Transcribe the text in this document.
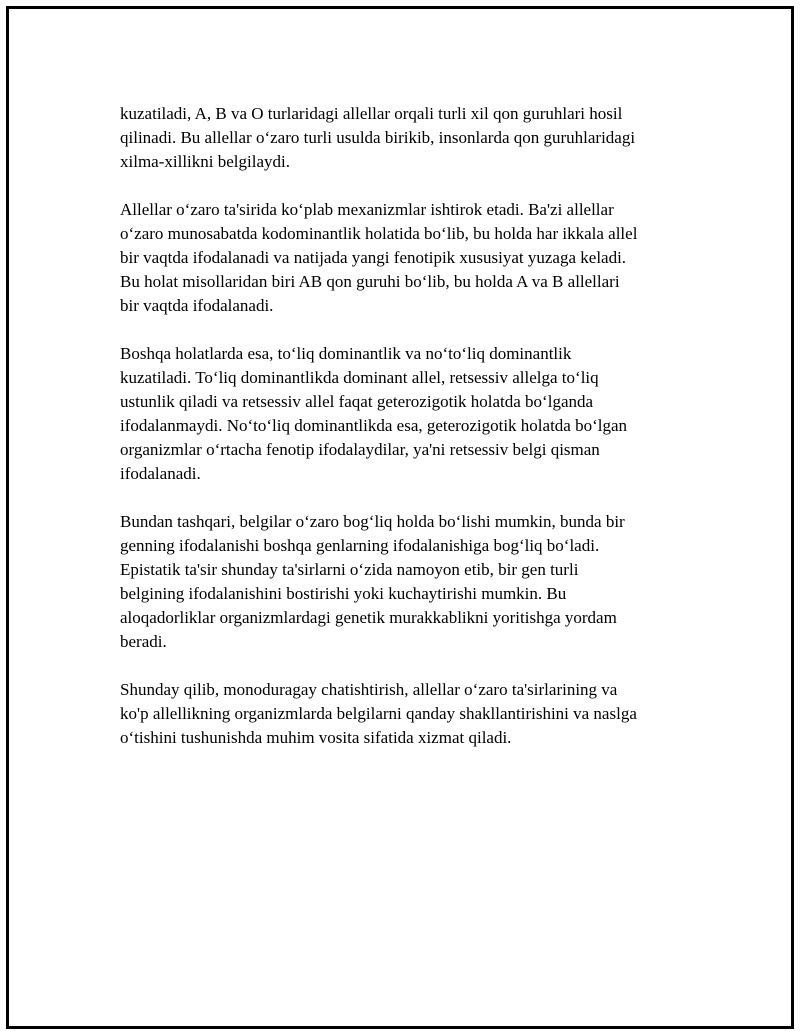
kuzatiladi, A, B va O turlaridagi allellar orqali turli xil qon guruhlari hosil
qilinadi. Bu allellar o‘zaro turli usulda birikib, insonlarda qon guruhlaridagi
xilma-xillikni belgilaydi.

Allellar o‘zaro ta'sirida ko‘plab mexanizmlar ishtirok etadi. Ba'zi allellar
o‘zaro munosabatda kodominantlik holatida bo‘lib, bu holda har ikkala allel
bir vaqtda ifodalanadi va natijada yangi fenotipik xususiyat yuzaga keladi.
Bu holat misollaridan biri AB qon guruhi bo‘lib, bu holda A va B allellari
bir vaqtda ifodalanadi.

Boshqa holatlarda esa, to‘liq dominantlik va no‘to‘liq dominantlik
kuzatiladi. To‘liq dominantlikda dominant allel, retsessiv allelga to‘liq
ustunlik qiladi va retsessiv allel faqat geterozigotik holatda bo‘lganda
ifodalanmaydi. No‘to‘liq dominantlikda esa, geterozigotik holatda bo‘lgan
organizmlar o‘rtacha fenotip ifodalaydilar, ya'ni retsessiv belgi qisman
ifodalanadi.

Bundan tashqari, belgilar o‘zaro bog‘liq holda bo‘lishi mumkin, bunda bir
genning ifodalanishi boshqa genlarning ifodalanishiga bog‘liq bo‘ladi.
Epistatik ta'sir shunday ta'sirlarni o‘zida namoyon etib, bir gen turli
belgining ifodalanishini bostirishi yoki kuchaytirishi mumkin. Bu
aloqadorliklar organizmlardagi genetik murakkablikni yoritishga yordam
beradi.

Shunday qilib, monoduragay chatishtirish, allellar o‘zaro ta'sirlarining va
ko'p allellikning organizmlarda belgilarni qanday shakllantirishini va naslga
o‘tishini tushunishda muhim vosita sifatida xizmat qiladi.
